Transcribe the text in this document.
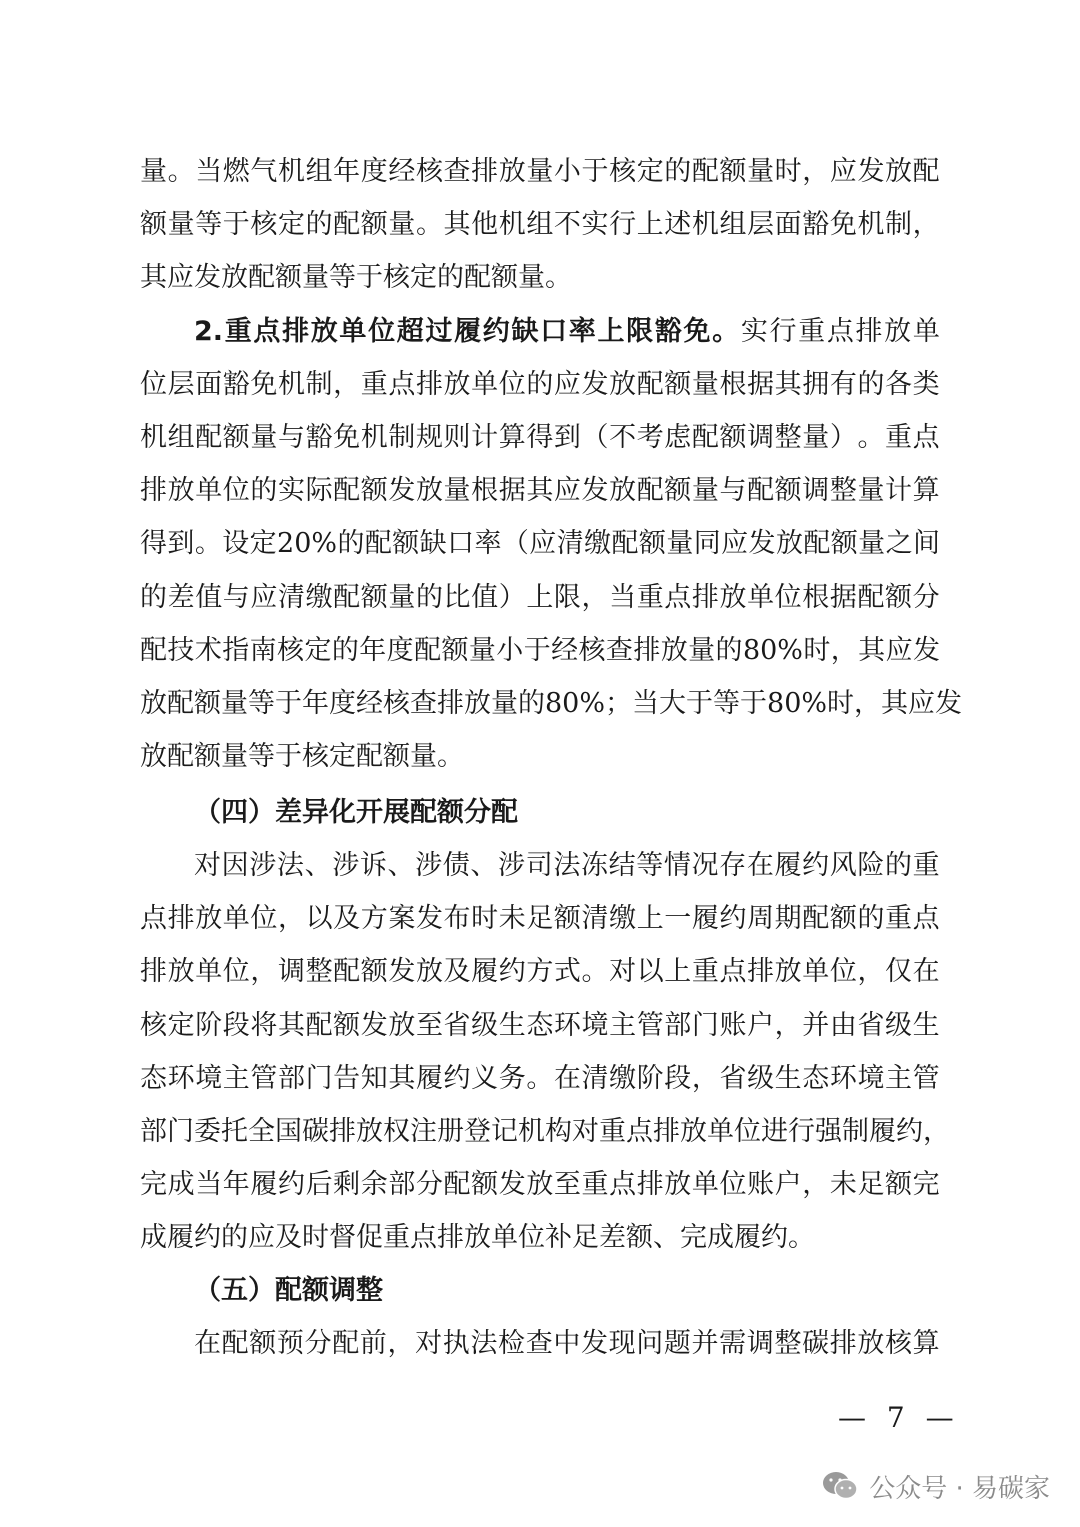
量 。 当 燃 气 机 组 年 度 经 核 查 排 放 量 小 于 核 定 的 配 额 量 时 ， 应 发 放 配
额 量 等 于 核 定 的 配 额 量 。 其 他 机 组 不 实 行 上 述 机 组 层 面 豁 免 机 制 ，
其 应 发 放 配 额 量 等 于 核 定 的 配 额 量 。
2. 重 点 排 放 单 位 超 过 履 约 缺 口 率 上 限 豁 免 。 实 行 重 点 排 放 单
位 层 面 豁 免 机 制 ， 重 点 排 放 单 位 的 应 发 放 配 额 量 根 据 其 拥 有 的 各 类
机 组 配 额 量 与 豁 免 机 制 规 则 计 算 得 到 （ 不 考 虑 配 额 调 整 量 ） 。 重 点
排 放 单 位 的 实 际 配 额 发 放 量 根 据 其 应 发 放 配 额 量 与 配 额 调 整 量 计 算
得 到 。 设 定 20% 的 配 额 缺 口 率 （ 应 清 缴 配 额 量 同 应 发 放 配 额 量 之 间
的 差 值 与 应 清 缴 配 额 量 的 比 值 ） 上 限 ， 当 重 点 排 放 单 位 根 据 配 额 分
配 技 术 指 南 核 定 的 年 度 配 额 量 小 于 经 核 查 排 放 量 的 80% 时 ， 其 应 发
放 配 额 量 等 于 年 度 经 核 查 排 放 量 的 80% ； 当 大 于 等 于 80% 时 ， 其 应 发
放 配 额 量 等 于 核 定 配 额 量 。
（四）差异化开展配额分配
对 因 涉 法 、 涉 诉 、 涉 债 、 涉 司 法 冻 结 等 情 况 存 在 履 约 风 险 的 重
点 排 放 单 位 ， 以 及 方 案 发 布 时 未 足 额 清 缴 上 一 履 约 周 期 配 额 的 重 点
排 放 单 位 ， 调 整 配 额 发 放 及 履 约 方 式 。 对 以 上 重 点 排 放 单 位 ， 仅 在
核 定 阶 段 将 其 配 额 发 放 至 省 级 生 态 环 境 主 管 部 门 账 户 ， 并 由 省 级 生
态 环 境 主 管 部 门 告 知 其 履 约 义 务 。 在 清 缴 阶 段 ， 省 级 生 态 环 境 主 管
部 门 委 托 全 国 碳 排 放 权 注 册 登 记 机 构 对 重 点 排 放 单 位 进 行 强 制 履 约 ，
完 成 当 年 履 约 后 剩 余 部 分 配 额 发 放 至 重 点 排 放 单 位 账 户 ， 未 足 额 完
成 履 约 的 应 及 时 督 促 重 点 排 放 单 位 补 足 差 额 、 完 成 履 约 。
（五）配额调整
在 配 额 预 分 配 前 ， 对 执 法 检 查 中 发 现 问 题 并 需 调 整 碳 排 放 核 算
— 7 —
公众号 · 易碳家
